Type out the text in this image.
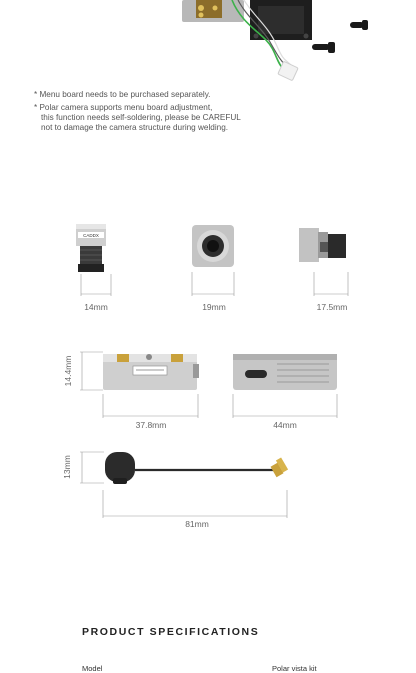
* Menu board needs to be purchased separately.
* Polar camera supports menu board adjustment,
this function needs self-soldering, please be CAREFUL
not to damage the camera structure during welding.
CADDX
14mm	19mm	17.5mm
14.4mm
37.8mm	44mm
13mm
81mm
PRODUCT SPECIFICATIONS
Model	Polar vista kit
